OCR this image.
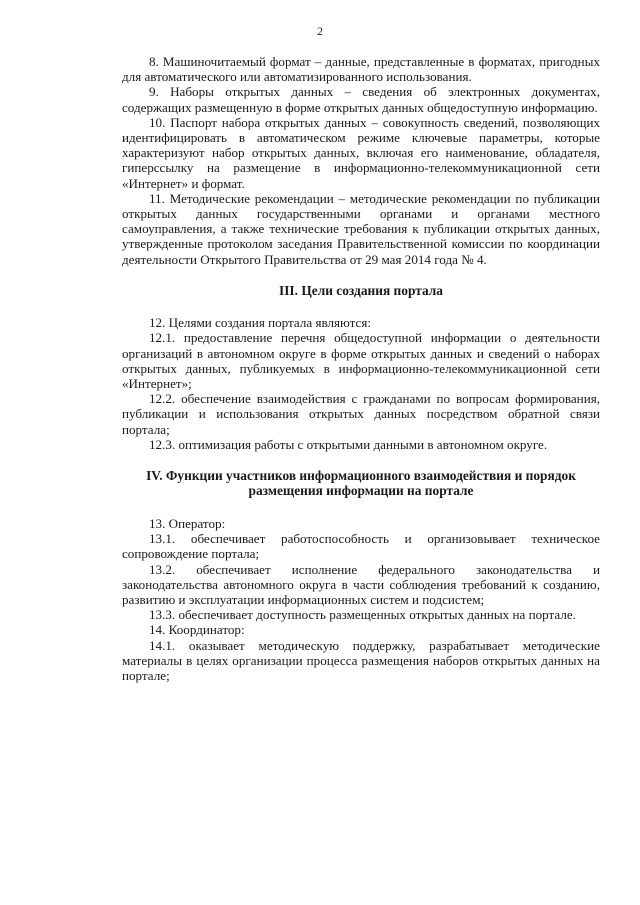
2

8. Машиночитаемый формат – данные, представленные в форматах, пригодных для автоматического или автоматизированного использования.

9. Наборы открытых данных – сведения об электронных документах, содержащих размещенную в форме открытых данных общедоступную информацию.

10. Паспорт набора открытых данных – совокупность сведений, позволяющих идентифицировать в автоматическом режиме ключевые параметры, которые характеризуют набор открытых данных, включая его наименование, обладателя, гиперссылку на размещение в информационно-телекоммуникационной сети «Интернет» и формат.

11. Методические рекомендации – методические рекомендации по публикации открытых данных государственными органами и органами местного самоуправления, а также технические требования к публикации открытых данных, утвержденные протоколом заседания Правительственной комиссии по координации деятельности Открытого Правительства от 29 мая 2014 года № 4.

III. Цели создания портала

12. Целями создания портала являются:

12.1. предоставление перечня общедоступной информации о деятельности организаций в автономном округе в форме открытых данных и сведений о наборах открытых данных, публикуемых в информационно-телекоммуникационной сети «Интернет»;

12.2. обеспечение взаимодействия с гражданами по вопросам формирования, публикации и использования открытых данных посредством обратной связи портала;

12.3. оптимизация работы с открытыми данными в автономном округе.

IV. Функции участников информационного взаимодействия и порядок
размещения информации на портале

13. Оператор:

13.1. обеспечивает работоспособность и организовывает техническое сопровождение портала;

13.2. обеспечивает исполнение федерального законодательства и законодательства автономного округа в части соблюдения требований к созданию, развитию и эксплуатации информационных систем и подсистем;

13.3. обеспечивает доступность размещенных открытых данных на портале.

14. Координатор:

14.1. оказывает методическую поддержку, разрабатывает методические материалы в целях организации процесса размещения наборов открытых данных на портале;
